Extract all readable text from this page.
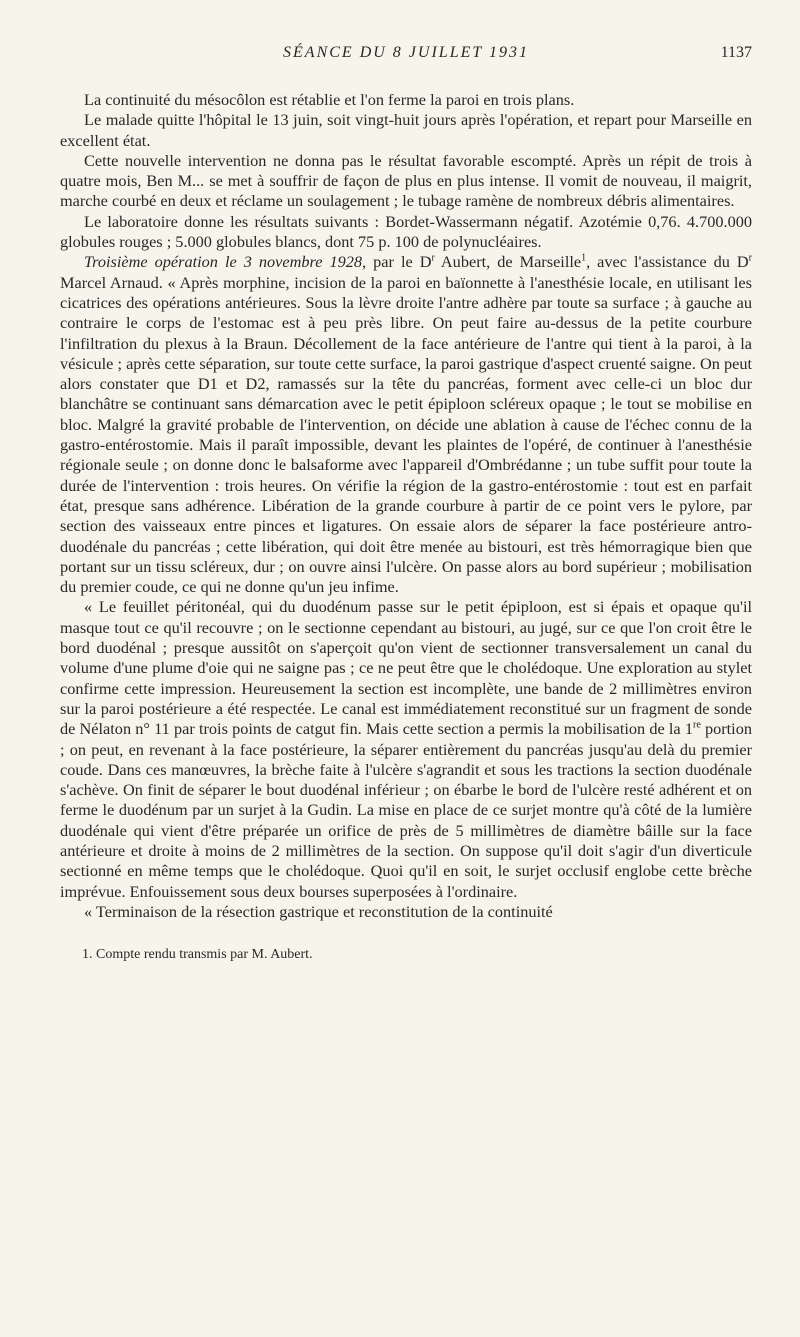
SÉANCE DU 8 JUILLET 1931	1137

La continuité du mésocôlon est rétablie et l'on ferme la paroi en trois plans.

Le malade quitte l'hôpital le 13 juin, soit vingt-huit jours après l'opération, et repart pour Marseille en excellent état.

Cette nouvelle intervention ne donna pas le résultat favorable escompté. Après un répit de trois à quatre mois, Ben M... se met à souffrir de façon de plus en plus intense. Il vomit de nouveau, il maigrit, marche courbé en deux et réclame un soulagement ; le tubage ramène de nombreux débris alimentaires.

Le laboratoire donne les résultats suivants : Bordet-Wassermann négatif. Azotémie 0,76. 4.700.000 globules rouges ; 5.000 globules blancs, dont 75 p. 100 de polynucléaires.

Troisième opération le 3 novembre 1928, par le $D^r$ Aubert, de Marseille$^1$, avec l'assistance du $D^r$ Marcel Arnaud. « Après morphine, incision de la paroi en baïonnette à l'anesthésie locale, en utilisant les cicatrices des opérations antérieures. Sous la lèvre droite l'antre adhère par toute sa surface ; à gauche au contraire le corps de l'estomac est à peu près libre. On peut faire au-dessus de la petite courbure l'infiltration du plexus à la Braun. Décollement de la face antérieure de l'antre qui tient à la paroi, à la vésicule ; après cette séparation, sur toute cette surface, la paroi gastrique d'aspect cruenté saigne. On peut alors constater que D1 et D2, ramassés sur la tête du pancréas, forment avec celle-ci un bloc dur blanchâtre se continuant sans démarcation avec le petit épiploon scléreux opaque ; le tout se mobilise en bloc. Malgré la gravité probable de l'intervention, on décide une ablation à cause de l'échec connu de la gastro-entérostomie. Mais il paraît impossible, devant les plaintes de l'opéré, de continuer à l'anesthésie régionale seule ; on donne donc le balsaforme avec l'appareil d'Ombrédanne ; un tube suffit pour toute la durée de l'intervention : trois heures. On vérifie la région de la gastro-entérostomie : tout est en parfait état, presque sans adhérence. Libération de la grande courbure à partir de ce point vers le pylore, par section des vaisseaux entre pinces et ligatures. On essaie alors de séparer la face postérieure antro-duodénale du pancréas ; cette libération, qui doit être menée au bistouri, est très hémorragique bien que portant sur un tissu scléreux, dur ; on ouvre ainsi l'ulcère. On passe alors au bord supérieur ; mobilisation du premier coude, ce qui ne donne qu'un jeu infime.

« Le feuillet péritonéal, qui du duodénum passe sur le petit épiploon, est si épais et opaque qu'il masque tout ce qu'il recouvre ; on le sectionne cependant au bistouri, au jugé, sur ce que l'on croit être le bord duodénal ; presque aussitôt on s'aperçoit qu'on vient de sectionner transversalement un canal du volume d'une plume d'oie qui ne saigne pas ; ce ne peut être que le cholédoque. Une exploration au stylet confirme cette impression. Heureusement la section est incomplète, une bande de 2 millimètres environ sur la paroi postérieure a été respectée. Le canal est immédiatement reconstitué sur un fragment de sonde de Nélaton n° 11 par trois points de catgut fin. Mais cette section a permis la mobilisation de la 1re portion ; on peut, en revenant à la face postérieure, la séparer entièrement du pancréas jusqu'au delà du premier coude. Dans ces manœuvres, la brèche faite à l'ulcère s'agrandit et sous les tractions la section duodénale s'achève. On finit de séparer le bout duodénal inférieur ; on ébarbe le bord de l'ulcère resté adhérent et on ferme le duodénum par un surjet à la Gudin. La mise en place de ce surjet montre qu'à côté de la lumière duodénale qui vient d'être préparée un orifice de près de 5 millimètres de diamètre bâille sur la face antérieure et droite à moins de 2 millimètres de la section. On suppose qu'il doit s'agir d'un diverticule sectionné en même temps que le cholédoque. Quoi qu'il en soit, le surjet occlusif englobe cette brèche imprévue. Enfouissement sous deux bourses superposées à l'ordinaire.

« Terminaison de la résection gastrique et reconstitution de la continuité

1. Compte rendu transmis par M. Aubert.
